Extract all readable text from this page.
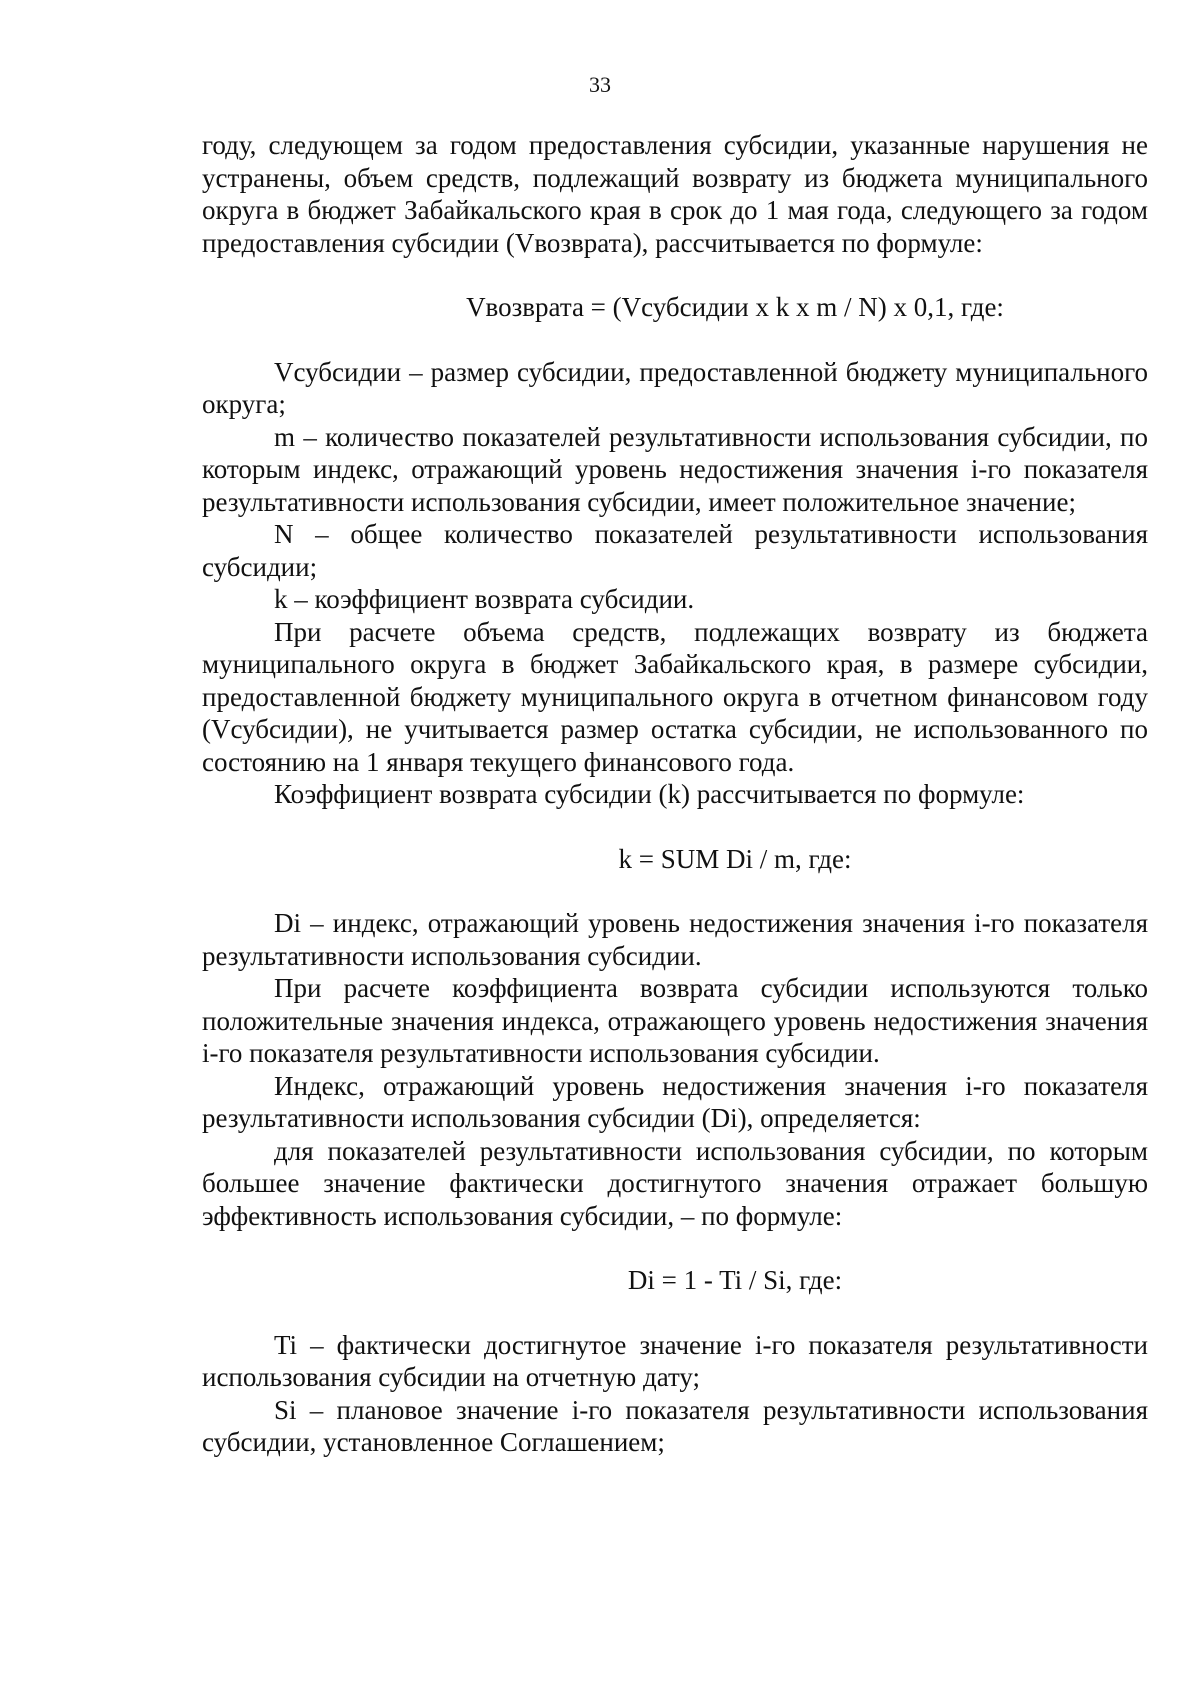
33

году, следующем за годом предоставления субсидии, указанные нарушения не устранены, объем средств, подлежащий возврату из бюджета муниципального округа в бюджет Забайкальского края в срок до 1 мая года, следующего за годом предоставления субсидии (Vвозврата), рассчитывается по формуле:

Vвозврата = (Vсубсидии x k x m / N) x 0,1, где:

Vсубсидии – размер субсидии, предоставленной бюджету муниципального округа;

m – количество показателей результативности использования субсидии, по которым индекс, отражающий уровень недостижения значения i-го показателя результативности использования субсидии, имеет положительное значение;

N – общее количество показателей результативности использования субсидии;

k – коэффициент возврата субсидии.

При расчете объема средств, подлежащих возврату из бюджета муниципального округа в бюджет Забайкальского края, в размере субсидии, предоставленной бюджету муниципального округа в отчетном финансовом году (Vсубсидии), не учитывается размер остатка субсидии, не использованного по состоянию на 1 января текущего финансового года.

Коэффициент возврата субсидии (k) рассчитывается по формуле:

k = SUM Di / m, где:

Di – индекс, отражающий уровень недостижения значения i-го показателя результативности использования субсидии.

При расчете коэффициента возврата субсидии используются только положительные значения индекса, отражающего уровень недостижения значения i-го показателя результативности использования субсидии.

Индекс, отражающий уровень недостижения значения i-го показателя результативности использования субсидии (Di), определяется:

для показателей результативности использования субсидии, по которым большее значение фактически достигнутого значения отражает большую эффективность использования субсидии, – по формуле:

Di = 1 - Ti / Si, где:

Ti – фактически достигнутое значение i-го показателя результативности использования субсидии на отчетную дату;

Si – плановое значение i-го показателя результативности использования субсидии, установленное Соглашением;
